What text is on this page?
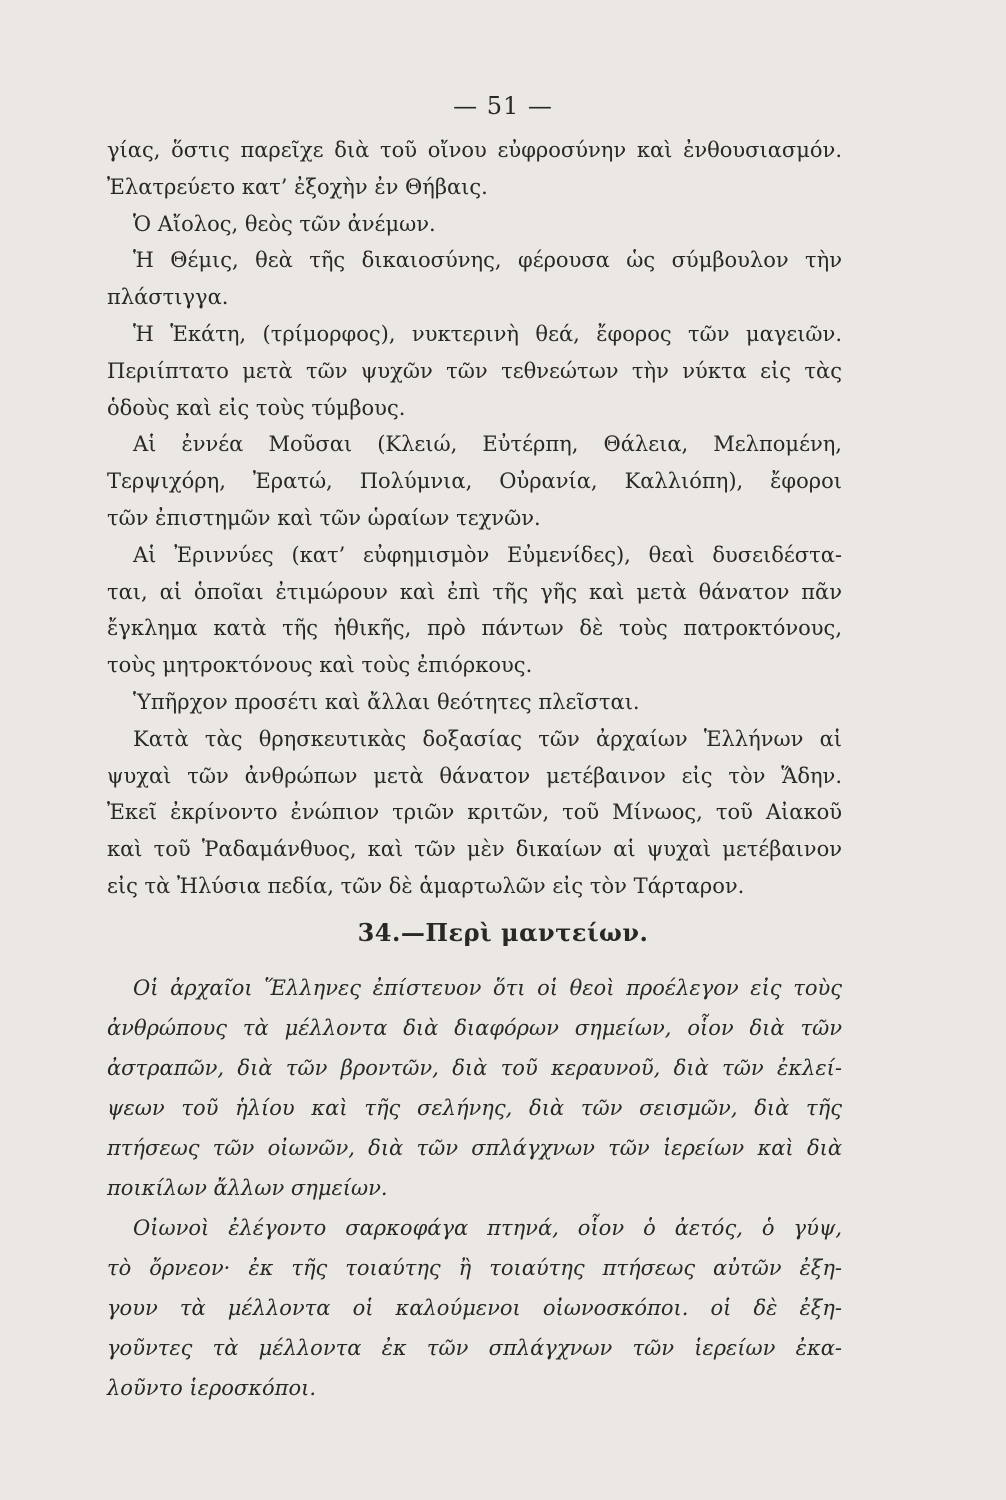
— 51 —
γίας, ὅστις παρεῖχε διὰ τοῦ οἴνου εὐφροσύνην καὶ ἐνθουσιασμόν.
Ἐλατρεύετο κατ’ ἐξοχὴν ἐν Θήβαις.
Ὁ Αἴολος, θεὸς τῶν ἀνέμων.
Ἡ Θέμις, θεὰ τῆς δικαιοσύνης, φέρουσα ὡς σύμβουλον τὴν
πλάστιγγα.
Ἡ Ἑκάτη, (τρίμορφος), νυκτερινὴ θεά, ἔφορος τῶν μαγειῶν.
Περιίπτατο μετὰ τῶν ψυχῶν τῶν τεθνεώτων τὴν νύκτα εἰς τὰς
ὁδοὺς καὶ εἰς τοὺς τύμβους.
Αἱ ἐννέα Μοῦσαι (Κλειώ, Εὐτέρπη, Θάλεια, Μελπομένη,
Τερψιχόρη, Ἐρατώ, Πολύμνια, Οὐρανία, Καλλιόπη), ἔφοροι
τῶν ἐπιστημῶν καὶ τῶν ὡραίων τεχνῶν.
Αἱ Ἐριννύες (κατ’ εὐφημισμὸν Εὐμενίδες), θεαὶ δυσειδέστα-
ται, αἱ ὁποῖαι ἐτιμώρουν καὶ ἐπὶ τῆς γῆς καὶ μετὰ θάνατον πᾶν
ἔγκλημα κατὰ τῆς ἠθικῆς, πρὸ πάντων δὲ τοὺς πατροκτόνους,
τοὺς μητροκτόνους καὶ τοὺς ἐπιόρκους.
Ὑπῆρχον προσέτι καὶ ἄλλαι θεότητες πλεῖσται.
Κατὰ τὰς θρησκευτικὰς δοξασίας τῶν ἀρχαίων Ἑλλήνων αἱ
ψυχαὶ τῶν ἀνθρώπων μετὰ θάνατον μετέβαινον εἰς τὸν Ἅδην.
Ἐκεῖ ἐκρίνοντο ἐνώπιον τριῶν κριτῶν, τοῦ Μίνωος, τοῦ Αἰακοῦ
καὶ τοῦ Ῥαδαμάνθυος, καὶ τῶν μὲν δικαίων αἱ ψυχαὶ μετέβαινον
εἰς τὰ Ἠλύσια πεδία, τῶν δὲ ἁμαρτωλῶν εἰς τὸν Τάρταρον.
34.—Περὶ μαντείων.
Οἱ ἀρχαῖοι Ἕλληνες ἐπίστευον ὅτι οἱ θεοὶ προέλεγον εἰς τοὺς
ἀνθρώπους τὰ μέλλοντα διὰ διαφόρων σημείων, οἷον διὰ τῶν
ἀστραπῶν, διὰ τῶν βροντῶν, διὰ τοῦ κεραυνοῦ, διὰ τῶν ἐκλεί-
ψεων τοῦ ἡλίου καὶ τῆς σελήνης, διὰ τῶν σεισμῶν, διὰ τῆς
πτήσεως τῶν οἰωνῶν, διὰ τῶν σπλάγχνων τῶν ἱερείων καὶ διὰ
ποικίλων ἄλλων σημείων.
Οἰωνοὶ ἐλέγοντο σαρκοφάγα πτηνά, οἷον ὁ ἀετός, ὁ γύψ,
τὸ ὄρνεον· ἐκ τῆς τοιαύτης ἢ τοιαύτης πτήσεως αὐτῶν ἐξη-
γουν τὰ μέλλοντα οἱ καλούμενοι οἰωνοσκόποι. οἱ δὲ ἐξη-
γοῦντες τὰ μέλλοντα ἐκ τῶν σπλάγχνων τῶν ἱερείων ἐκα-
λοῦντο ἱεροσκόποι.
